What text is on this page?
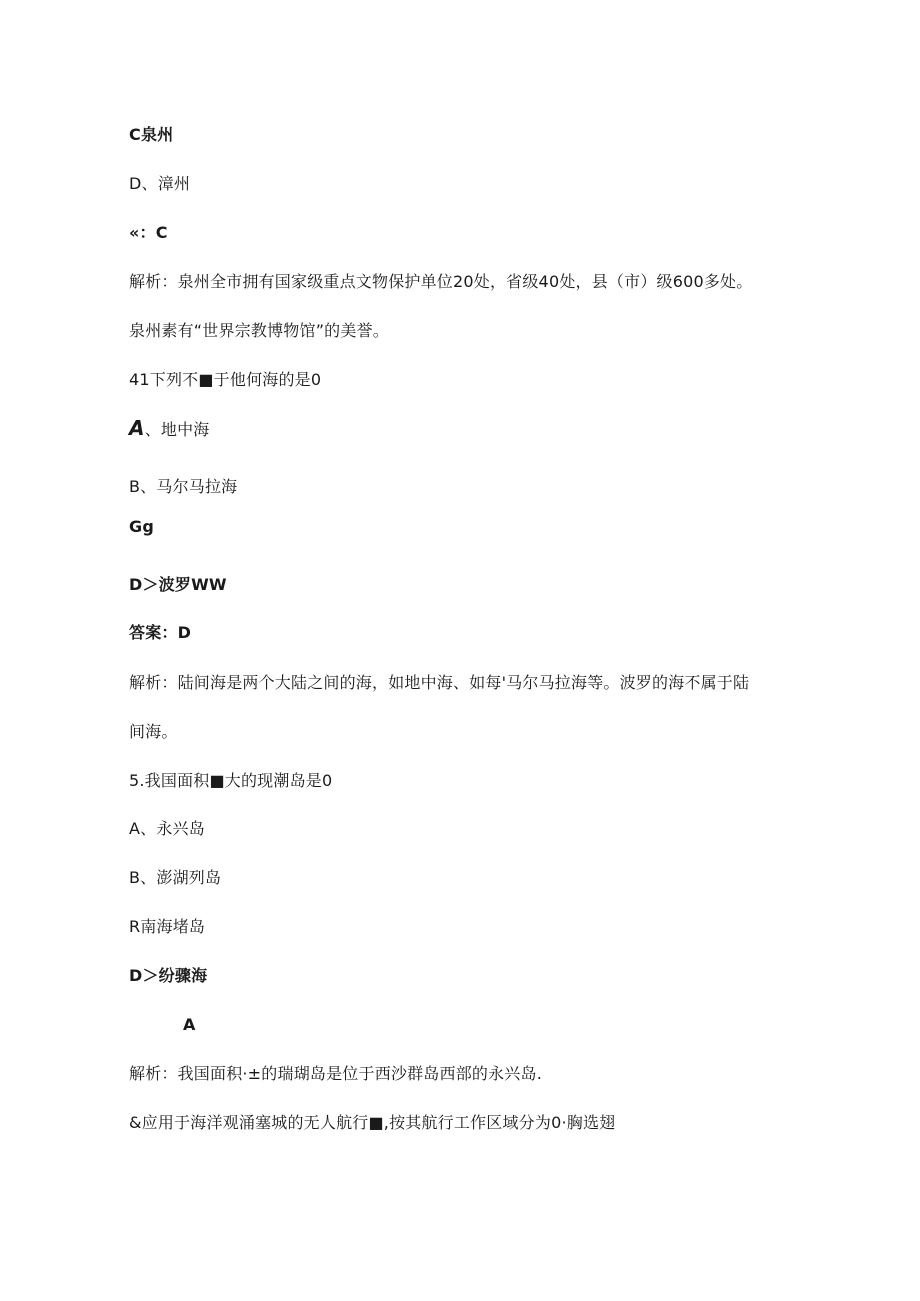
C泉州
D、漳州
«：C
解析：泉州全市拥有国家级重点文物保护单位20处，省级40处，县（市）级600多处。
泉州素有“世界宗教博物馆”的美誉。
41下列不■于他何海的是0
A、地中海
B、马尔马拉海
Gg
D＞波罗WW
答案：D
解析：陆间海是两个大陆之间的海，如地中海、如每'马尔马拉海等。波罗的海不属于陆
间海。
5.我国面积■大的现潮岛是0
A、永兴岛
B、澎湖列岛
R南海堵岛
D＞纷骤海
A
解析：我国面积·±的瑞瑚岛是位于西沙群岛西部的永兴岛.
&应用于海洋观涌塞城的无人航行■,按其航行工作区域分为0·胸选翅
